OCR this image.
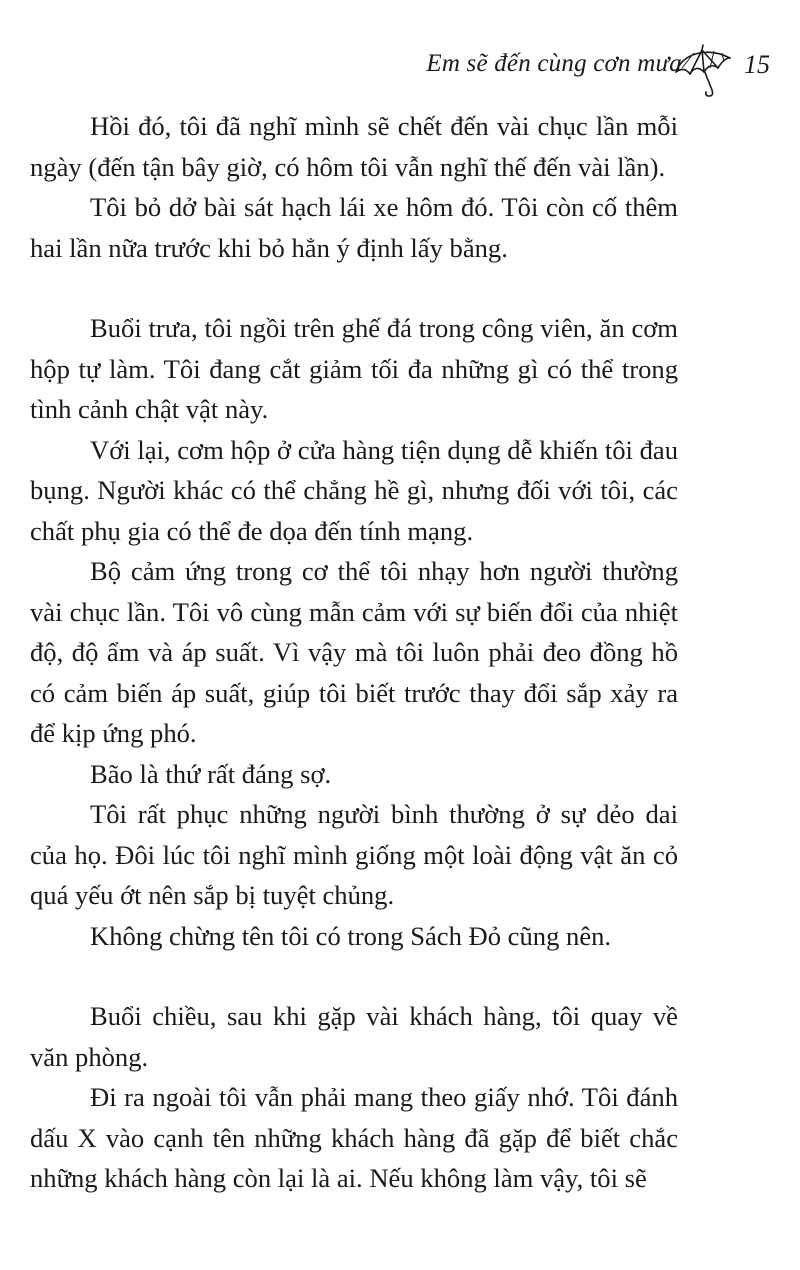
Em sẽ đến cùng cơn mưa 15

Hồi đó, tôi đã nghĩ mình sẽ chết đến vài chục lần mỗi ngày (đến tận bây giờ, có hôm tôi vẫn nghĩ thế đến vài lần).

Tôi bỏ dở bài sát hạch lái xe hôm đó. Tôi còn cố thêm hai lần nữa trước khi bỏ hẳn ý định lấy bằng.

Buổi trưa, tôi ngồi trên ghế đá trong công viên, ăn cơm hộp tự làm. Tôi đang cắt giảm tối đa những gì có thể trong tình cảnh chật vật này.

Với lại, cơm hộp ở cửa hàng tiện dụng dễ khiến tôi đau bụng. Người khác có thể chẳng hề gì, nhưng đối với tôi, các chất phụ gia có thể đe dọa đến tính mạng.

Bộ cảm ứng trong cơ thể tôi nhạy hơn người thường vài chục lần. Tôi vô cùng mẫn cảm với sự biến đổi của nhiệt độ, độ ẩm và áp suất. Vì vậy mà tôi luôn phải đeo đồng hồ có cảm biến áp suất, giúp tôi biết trước thay đổi sắp xảy ra để kịp ứng phó.

Bão là thứ rất đáng sợ.

Tôi rất phục những người bình thường ở sự dẻo dai của họ. Đôi lúc tôi nghĩ mình giống một loài động vật ăn cỏ quá yếu ớt nên sắp bị tuyệt chủng.

Không chừng tên tôi có trong Sách Đỏ cũng nên.

Buổi chiều, sau khi gặp vài khách hàng, tôi quay về văn phòng.

Đi ra ngoài tôi vẫn phải mang theo giấy nhớ. Tôi đánh dấu X vào cạnh tên những khách hàng đã gặp để biết chắc những khách hàng còn lại là ai. Nếu không làm vậy, tôi sẽ
